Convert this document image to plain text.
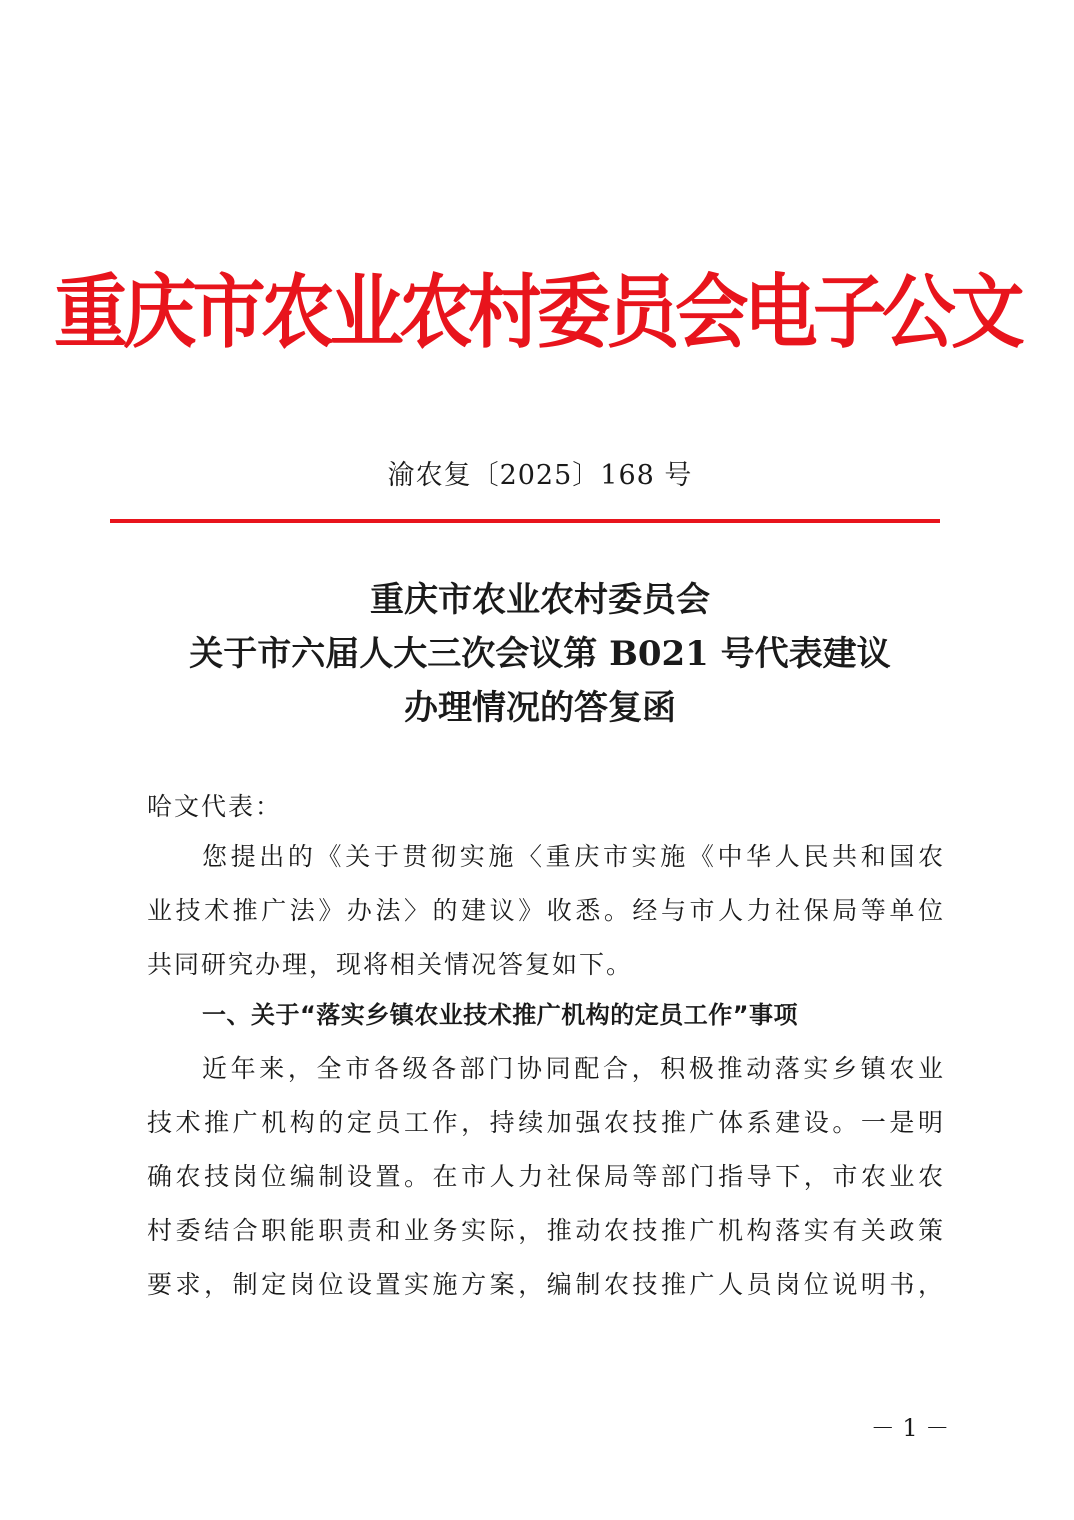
重庆市农业农村委员会电子公文
渝农复〔2025〕168 号
重庆市农业农村委员会
关于市六届人大三次会议第 B021 号代表建议
办理情况的答复函
哈文代表：
您提出的《关于贯彻实施〈重庆市实施《中华人民共和国农
业技术推广法》办法〉的建议》收悉。经与市人力社保局等单位
共同研究办理，现将相关情况答复如下。
一、关于“落实乡镇农业技术推广机构的定员工作”事项
近年来，全市各级各部门协同配合，积极推动落实乡镇农业
技术推广机构的定员工作，持续加强农技推广体系建设。一是明
确农技岗位编制设置。在市人力社保局等部门指导下，市农业农
村委结合职能职责和业务实际，推动农技推广机构落实有关政策
要求，制定岗位设置实施方案，编制农技推广人员岗位说明书，
－ 1 －
